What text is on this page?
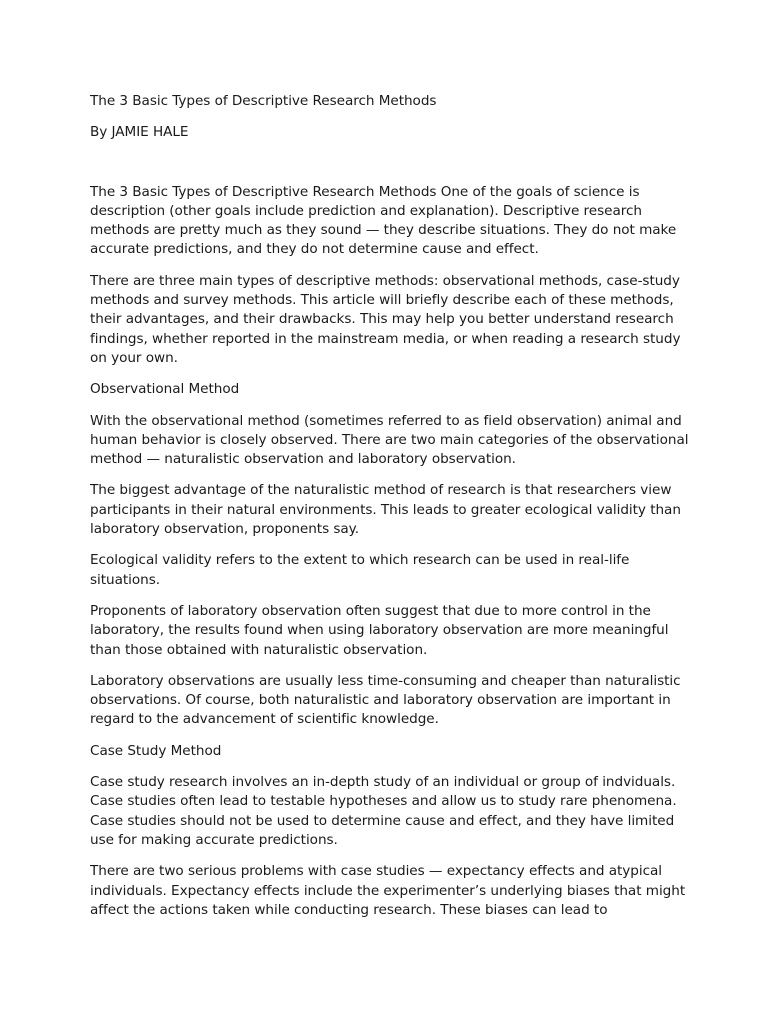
The 3 Basic Types of Descriptive Research Methods

By JAMIE HALE

The 3 Basic Types of Descriptive Research Methods One of the goals of science is description (other goals include prediction and explanation). Descriptive research methods are pretty much as they sound — they describe situations. They do not make accurate predictions, and they do not determine cause and effect.

There are three main types of descriptive methods: observational methods, case-study methods and survey methods. This article will briefly describe each of these methods, their advantages, and their drawbacks. This may help you better understand research findings, whether reported in the mainstream media, or when reading a research study on your own.

Observational Method

With the observational method (sometimes referred to as field observation) animal and human behavior is closely observed. There are two main categories of the observational method — naturalistic observation and laboratory observation.

The biggest advantage of the naturalistic method of research is that researchers view participants in their natural environments. This leads to greater ecological validity than laboratory observation, proponents say.

Ecological validity refers to the extent to which research can be used in real-life situations.

Proponents of laboratory observation often suggest that due to more control in the laboratory, the results found when using laboratory observation are more meaningful than those obtained with naturalistic observation.

Laboratory observations are usually less time-consuming and cheaper than naturalistic observations. Of course, both naturalistic and laboratory observation are important in regard to the advancement of scientific knowledge.

Case Study Method

Case study research involves an in-depth study of an individual or group of indviduals. Case studies often lead to testable hypotheses and allow us to study rare phenomena. Case studies should not be used to determine cause and effect, and they have limited use for making accurate predictions.

There are two serious problems with case studies — expectancy effects and atypical individuals. Expectancy effects include the experimenter’s underlying biases that might affect the actions taken while conducting research. These biases can lead to
